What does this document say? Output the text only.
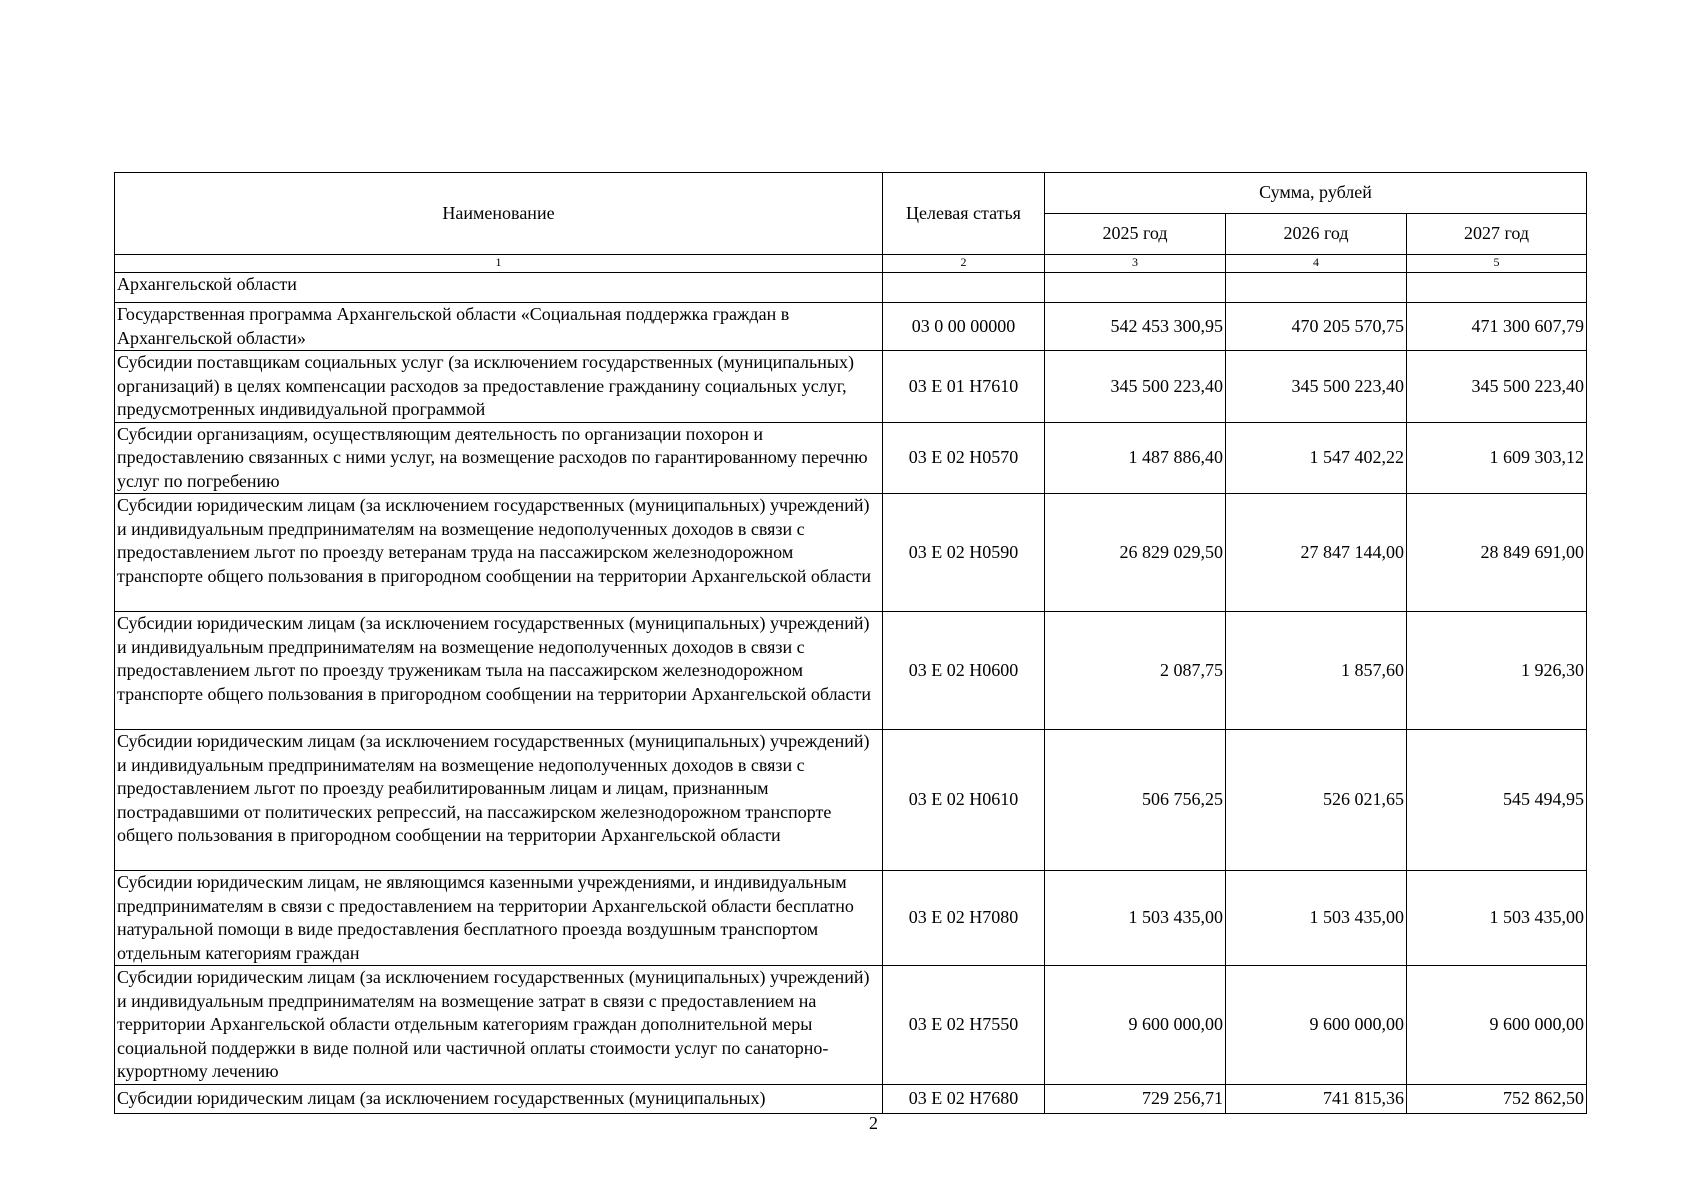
Наименование	Целевая статья	Сумма, рублей		
		2025 год	2026 год	2027 год
1	2	3	4	5
Архангельской области				
Государственная программа Архангельской области «Социальная поддержка граждан в Архангельской области»	03 0 00 00000	542 453 300,95	470 205 570,75	471 300 607,79
Субсидии поставщикам социальных услуг (за исключением государственных (муниципальных) организаций) в целях компенсации расходов за предоставление гражданину социальных услуг, предусмотренных индивидуальной программой	03 Е 01 Н7610	345 500 223,40	345 500 223,40	345 500 223,40
Субсидии организациям, осуществляющим деятельность по организации похорон и предоставлению связанных с ними услуг, на возмещение расходов по гарантированному перечню услуг по погребению	03 Е 02 Н0570	1 487 886,40	1 547 402,22	1 609 303,12
Субсидии юридическим лицам (за исключением государственных (муниципальных) учреждений) и индивидуальным предпринимателям на возмещение недополученных доходов в связи с предоставлением льгот по проезду ветеранам труда на пассажирском железнодорожном транспорте общего пользования в пригородном сообщении на территории Архангельской области	03 Е 02 Н0590	26 829 029,50	27 847 144,00	28 849 691,00
Субсидии юридическим лицам (за исключением государственных (муниципальных) учреждений) и индивидуальным предпринимателям на возмещение недополученных доходов в связи с предоставлением льгот по проезду труженикам тыла на пассажирском железнодорожном транспорте общего пользования в пригородном сообщении на территории Архангельской области	03 Е 02 Н0600	2 087,75	1 857,60	1 926,30
Субсидии юридическим лицам (за исключением государственных (муниципальных) учреждений) и индивидуальным предпринимателям на возмещение недополученных доходов в связи с предоставлением льгот по проезду реабилитированным лицам и лицам, признанным пострадавшими от политических репрессий, на пассажирском железнодорожном транспорте общего пользования в пригородном сообщении на территории Архангельской области	03 Е 02 Н0610	506 756,25	526 021,65	545 494,95
Субсидии юридическим лицам, не являющимся казенными учреждениями, и индивидуальным предпринимателям в связи с предоставлением на территории Архангельской области бесплатно натуральной помощи в виде предоставления бесплатного проезда воздушным транспортом отдельным категориям граждан	03 Е 02 Н7080	1 503 435,00	1 503 435,00	1 503 435,00
Субсидии юридическим лицам (за исключением государственных (муниципальных) учреждений) и индивидуальным предпринимателям на возмещение затрат в связи с предоставлением на территории Архангельской области отдельным категориям граждан дополнительной меры социальной поддержки в виде полной или частичной оплаты стоимости услуг по санаторно-курортному лечению	03 Е 02 Н7550	9 600 000,00	9 600 000,00	9 600 000,00
Субсидии юридическим лицам (за исключением государственных (муниципальных)	03 Е 02 Н7680	729 256,71	741 815,36	752 862,50
2
